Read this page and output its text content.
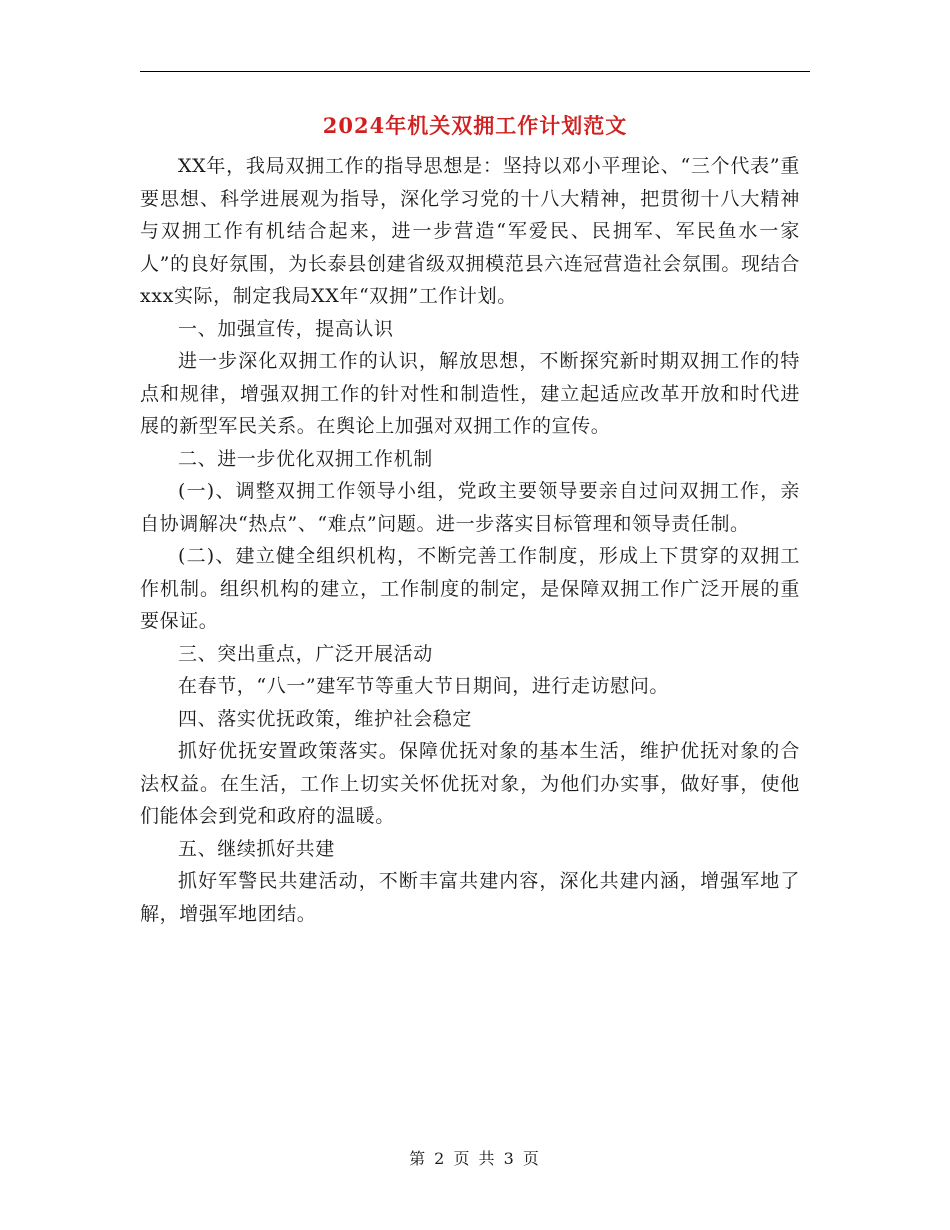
2024年机关双拥工作计划范文

XX年，我局双拥工作的指导思想是：坚持以邓小平理论、“三个代表”重要思想、科学进展观为指导，深化学习党的十八大精神，把贯彻十八大精神与双拥工作有机结合起来，进一步营造“军爱民、民拥军、军民鱼水一家人”的良好氛围，为长泰县创建省级双拥模范县六连冠营造社会氛围。现结合xxx实际，制定我局XX年“双拥”工作计划。

一、加强宣传，提高认识

进一步深化双拥工作的认识，解放思想，不断探究新时期双拥工作的特点和规律，增强双拥工作的针对性和制造性，建立起适应改革开放和时代进展的新型军民关系。在舆论上加强对双拥工作的宣传。

二、进一步优化双拥工作机制

(一)、调整双拥工作领导小组，党政主要领导要亲自过问双拥工作，亲自协调解决“热点”、“难点”问题。进一步落实目标管理和领导责任制。

(二)、建立健全组织机构，不断完善工作制度，形成上下贯穿的双拥工作机制。组织机构的建立，工作制度的制定，是保障双拥工作广泛开展的重要保证。

三、突出重点，广泛开展活动

在春节，“八一”建军节等重大节日期间，进行走访慰问。

四、落实优抚政策，维护社会稳定

抓好优抚安置政策落实。保障优抚对象的基本生活，维护优抚对象的合法权益。在生活，工作上切实关怀优抚对象，为他们办实事，做好事，使他们能体会到党和政府的温暖。

五、继续抓好共建

抓好军警民共建活动，不断丰富共建内容，深化共建内涵，增强军地了解，增强军地团结。

第 2 页 共 3 页
